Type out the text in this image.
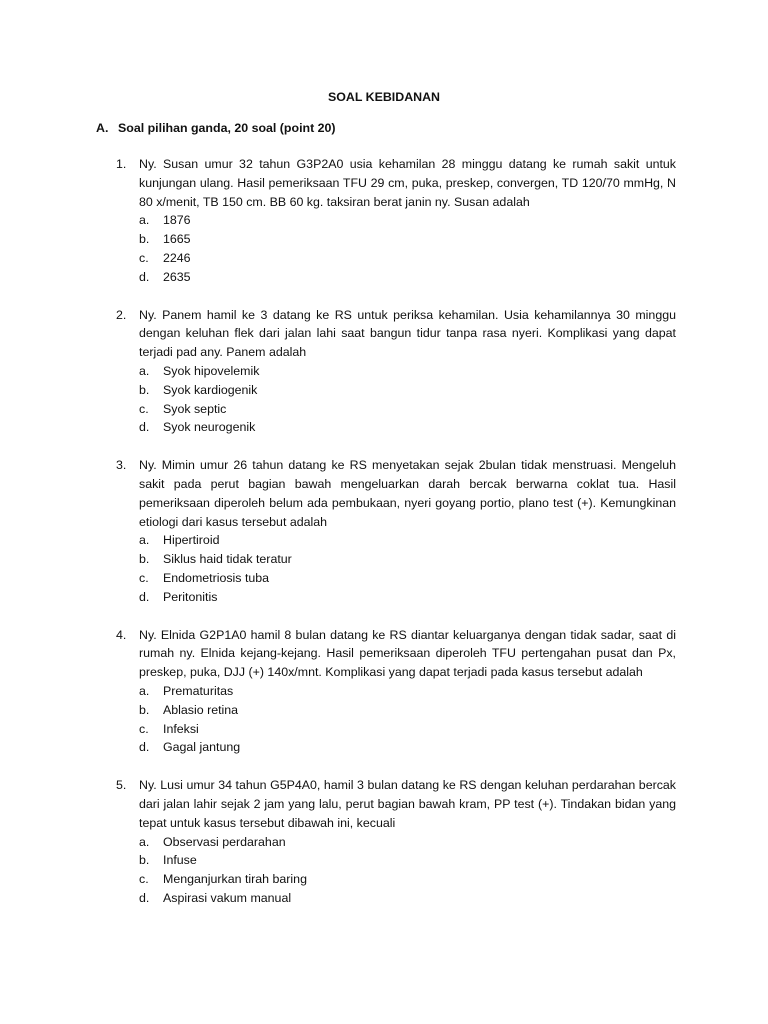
SOAL KEBIDANAN
A. Soal pilihan ganda, 20 soal (point 20)
1.	Ny. Susan umur 32 tahun G3P2A0 usia kehamilan 28 minggu datang ke rumah sakit untuk kunjungan ulang. Hasil pemeriksaan TFU 29 cm, puka, preskep, convergen, TD 120/70 mmHg, N 80 x/menit, TB 150 cm. BB 60 kg. taksiran berat janin ny. Susan adalah
a.	1876
b.	1665
c.	2246
d.	2635
2.	Ny. Panem hamil ke 3 datang ke RS untuk periksa kehamilan. Usia kehamilannya 30 minggu dengan keluhan flek dari jalan lahi saat bangun tidur tanpa rasa nyeri. Komplikasi yang dapat terjadi pad any. Panem adalah
a.	Syok hipovelemik
b.	Syok kardiogenik
c.	Syok septic
d.	Syok neurogenik
3.	Ny. Mimin umur 26 tahun datang ke RS menyetakan sejak 2bulan tidak menstruasi. Mengeluh sakit pada perut bagian bawah mengeluarkan darah bercak berwarna coklat tua. Hasil pemeriksaan diperoleh belum ada pembukaan, nyeri goyang portio, plano test (+). Kemungkinan etiologi dari kasus tersebut adalah
a.	Hipertiroid
b.	Siklus haid tidak teratur
c.	Endometriosis tuba
d.	Peritonitis
4.	Ny. Elnida G2P1A0 hamil 8 bulan datang ke RS diantar keluarganya dengan tidak sadar, saat di rumah ny. Elnida kejang-kejang. Hasil pemeriksaan diperoleh TFU pertengahan pusat dan Px, preskep, puka, DJJ (+) 140x/mnt. Komplikasi yang dapat terjadi pada kasus tersebut adalah
a.	Prematuritas
b.	Ablasio retina
c.	Infeksi
d.	Gagal jantung
5.	Ny. Lusi umur 34 tahun G5P4A0, hamil 3 bulan datang ke RS dengan keluhan perdarahan bercak dari jalan lahir sejak 2 jam yang lalu, perut bagian bawah kram, PP test (+). Tindakan bidan yang tepat untuk kasus tersebut dibawah ini, kecuali
a.	Observasi perdarahan
b.	Infuse
c.	Menganjurkan tirah baring
d.	Aspirasi vakum manual
